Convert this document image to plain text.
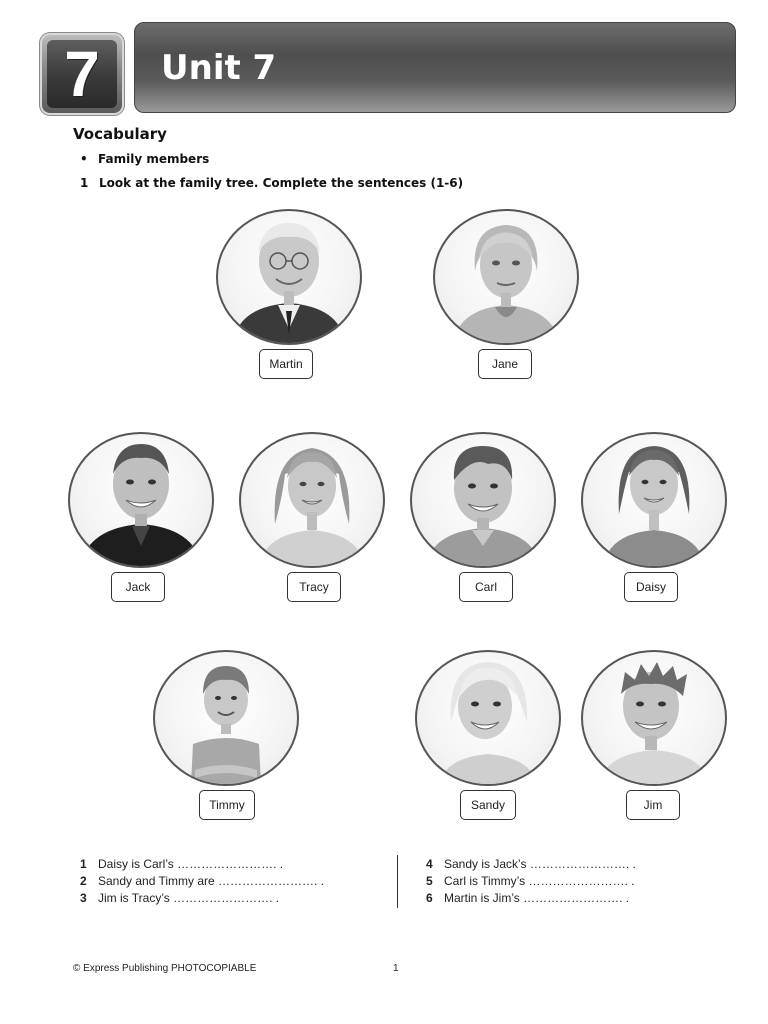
7 Unit 7
Vocabulary
• Family members
1 Look at the family tree. Complete the sentences (1-6)
Martin	Jane
Jack	Tracy	Carl	Daisy
Timmy	Sandy	Jim
1 Daisy is Carl’s ……………………. .
2 Sandy and Timmy are ……………………. .
3 Jim is Tracy’s ……………………. .
4 Sandy is Jack’s ……………………. .
5 Carl is Timmy’s ……………………. .
6 Martin is Jim’s ……………………. .
© Express Publishing PHOTOCOPIABLE	1
